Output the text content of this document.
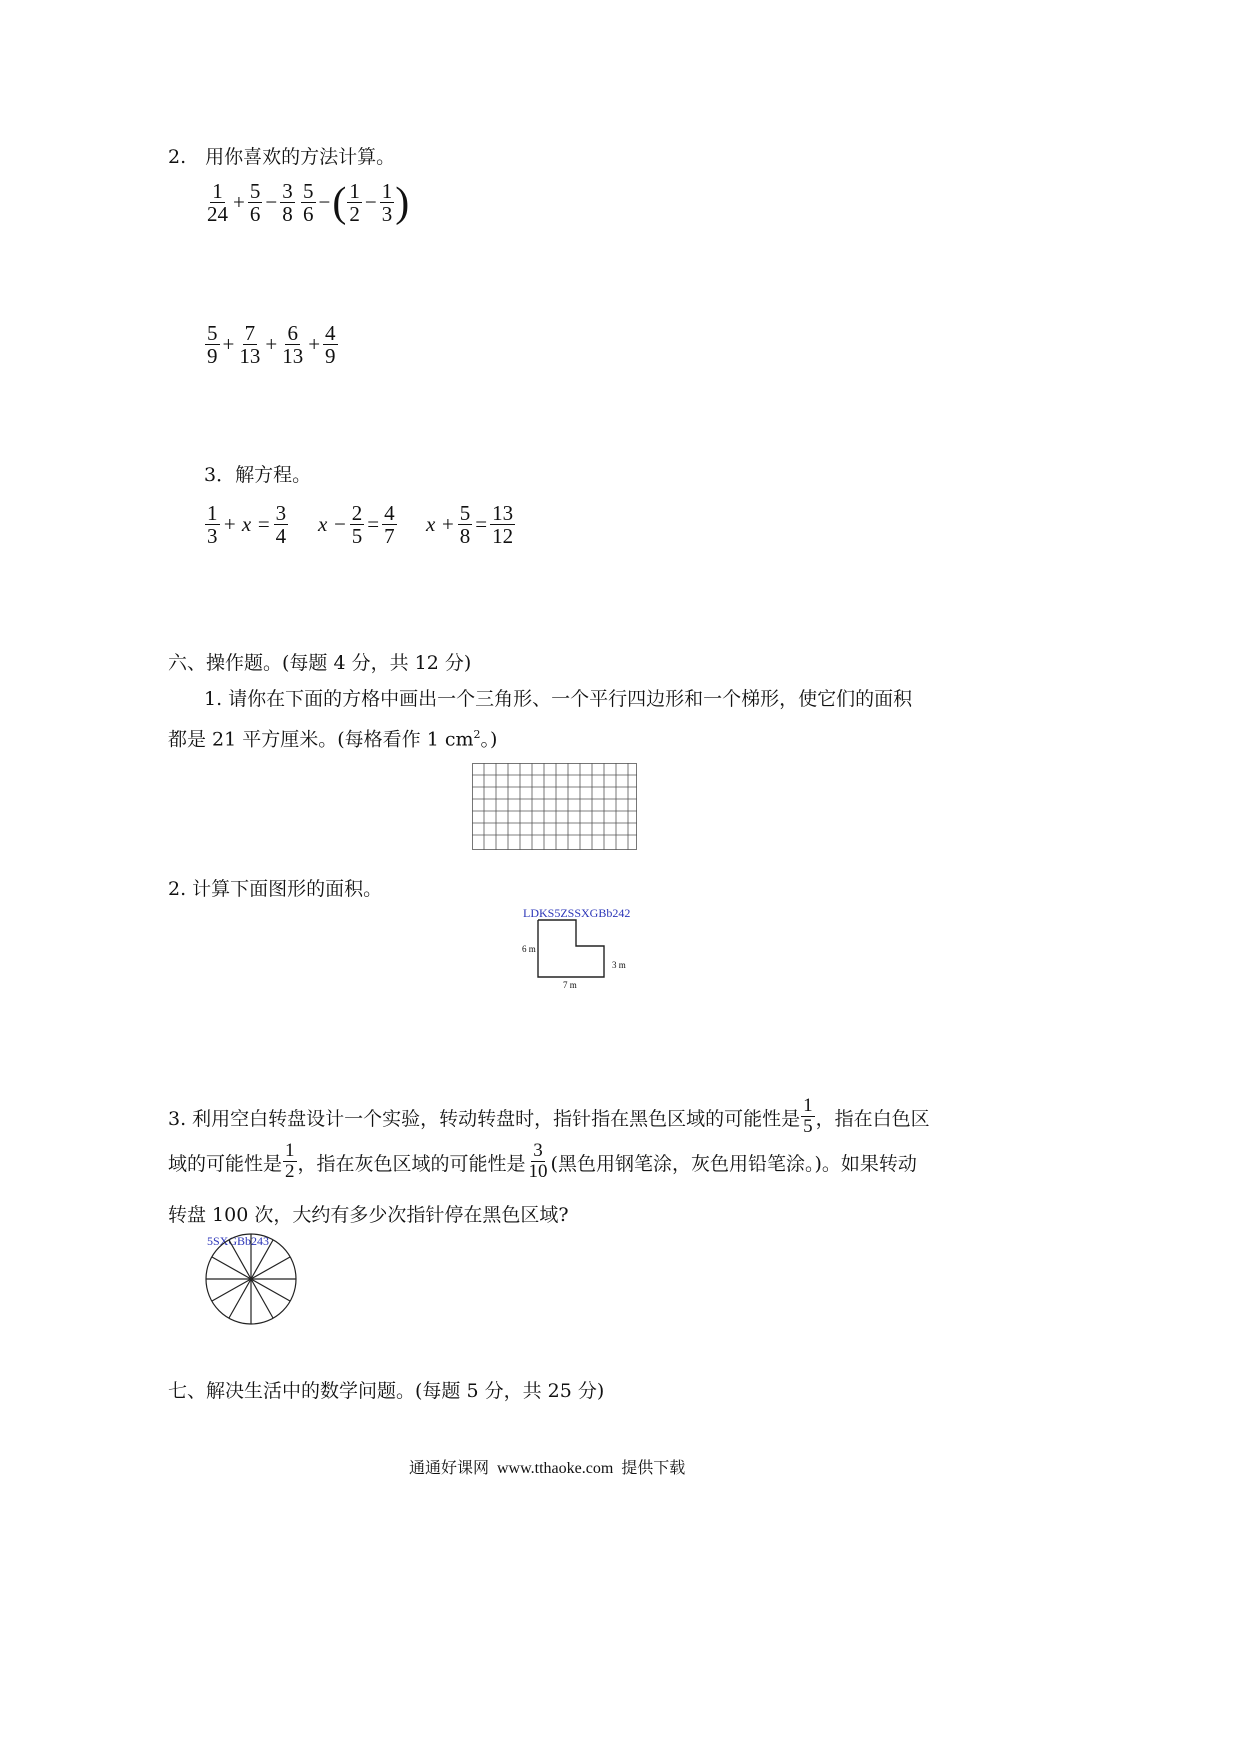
2.　用你喜欢的方法计算。
$\frac{1}{24} + \frac{5}{6} - \frac{3}{8} \frac{5}{6}$ − ( $\frac{1}{2} - \frac{1}{3}$ )
$\frac{5}{9} + \frac{7}{13} + \frac{6}{13} + \frac{4}{9}$
3．解方程。
$\frac{1}{3} + x = \frac{3}{4}$ $x - \frac{2}{5} = \frac{4}{7}$ $x + \frac{5}{8} = \frac{13}{12}$
六、操作题。(每题 4 分，共 12 分)
1. 请你在下面的方格中画出一个三角形、一个平行四边形和一个梯形，使它们的面积
都是 21 平方厘米。(每格看作 1 $cm^2$。)
2. 计算下面图形的面积。
LDKS5ZSSXGBb242
6 m
3 m
7 m
3. 利用空白转盘设计一个实验，转动转盘时，指针指在黑色区域的可能性是 $\frac{1}{5}$ ，指在白色区
域的可能性是 $\frac{1}{2}$ ，指在灰色区域的可能性是 $\frac{3}{10}$ (黑色用钢笔涂，灰色用铅笔涂。)。如果转动
转盘 100 次，大约有多少次指针停在黑色区域?
5SXGBb243
七、解决生活中的数学问题。(每题 5 分，共 25 分)
通通好课网  www.tthaoke.com  提供下载
